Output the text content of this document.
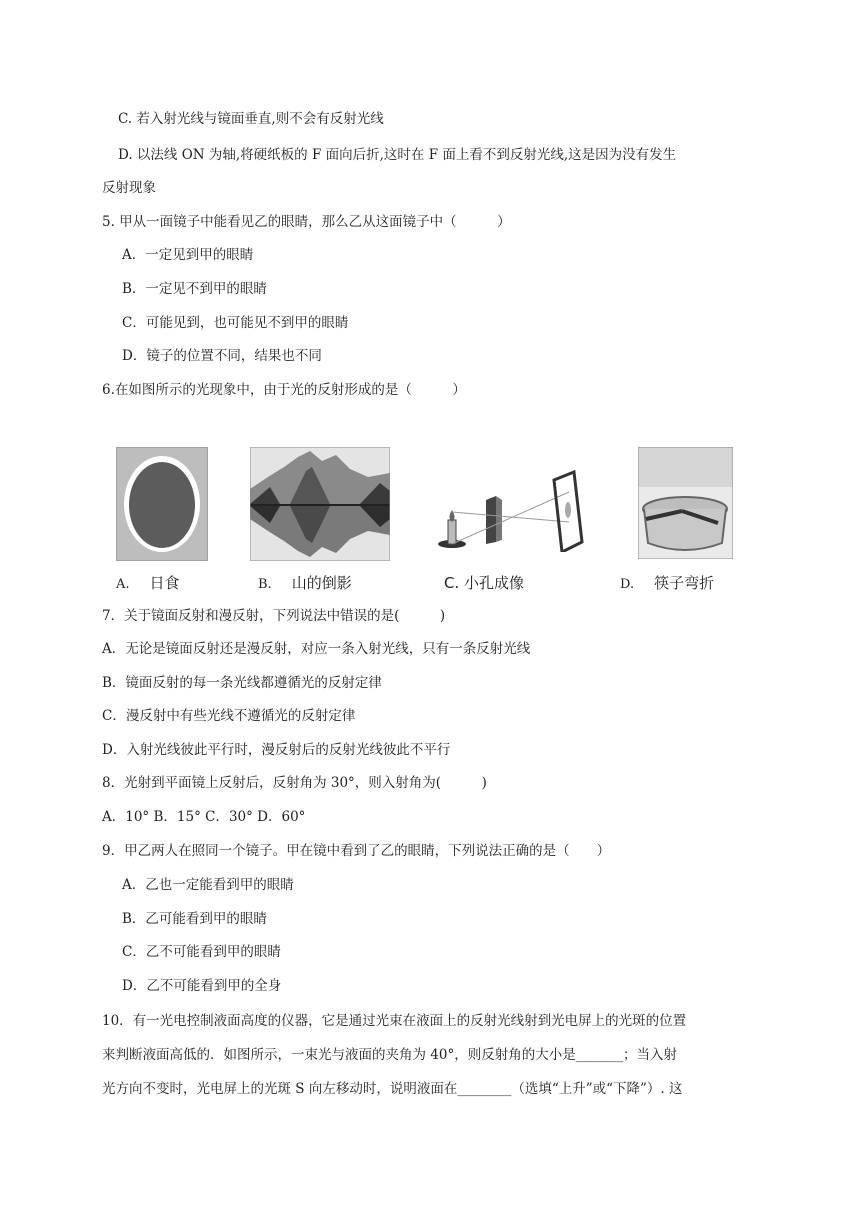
C. 若入射光线与镜面垂直,则不会有反射光线
D. 以法线 ON 为轴,将硬纸板的 F 面向后折,这时在 F 面上看不到反射光线,这是因为没有发生
反射现象
5. 甲从一面镜子中能看见乙的眼睛，那么乙从这面镜子中（　　　）
A．一定见到甲的眼睛
B．一定见不到甲的眼睛
C．可能见到，也可能见不到甲的眼睛
D．镜子的位置不同，结果也不同
6.在如图所示的光现象中，由于光的反射形成的是（　　　）
A. 日食	B. 山的倒影	C. 小孔成像	D. 筷子弯折
7．关于镜面反射和漫反射，下列说法中错误的是(　　　)
A．无论是镜面反射还是漫反射，对应一条入射光线，只有一条反射光线
B．镜面反射的每一条光线都遵循光的反射定律
C．漫反射中有些光线不遵循光的反射定律
D．入射光线彼此平行时，漫反射后的反射光线彼此不平行
8．光射到平面镜上反射后，反射角为 30°，则入射角为(　　　)
A．10° B．15° C．30° D．60°
9．甲乙两人在照同一个镜子。甲在镜中看到了乙的眼睛，下列说法正确的是（　　）
A．乙也一定能看到甲的眼睛
B．乙可能看到甲的眼睛
C．乙不可能看到甲的眼睛
D．乙不可能看到甲的全身
10．有一光电控制液面高度的仪器，它是通过光束在液面上的反射光线射到光电屏上的光斑的位置
来判断液面高低的．如图所示，一束光与液面的夹角为 40°，则反射角的大小是_______；当入射
光方向不变时，光电屏上的光斑 S 向左移动时，说明液面在________（选填“上升”或“下降”）. 这
